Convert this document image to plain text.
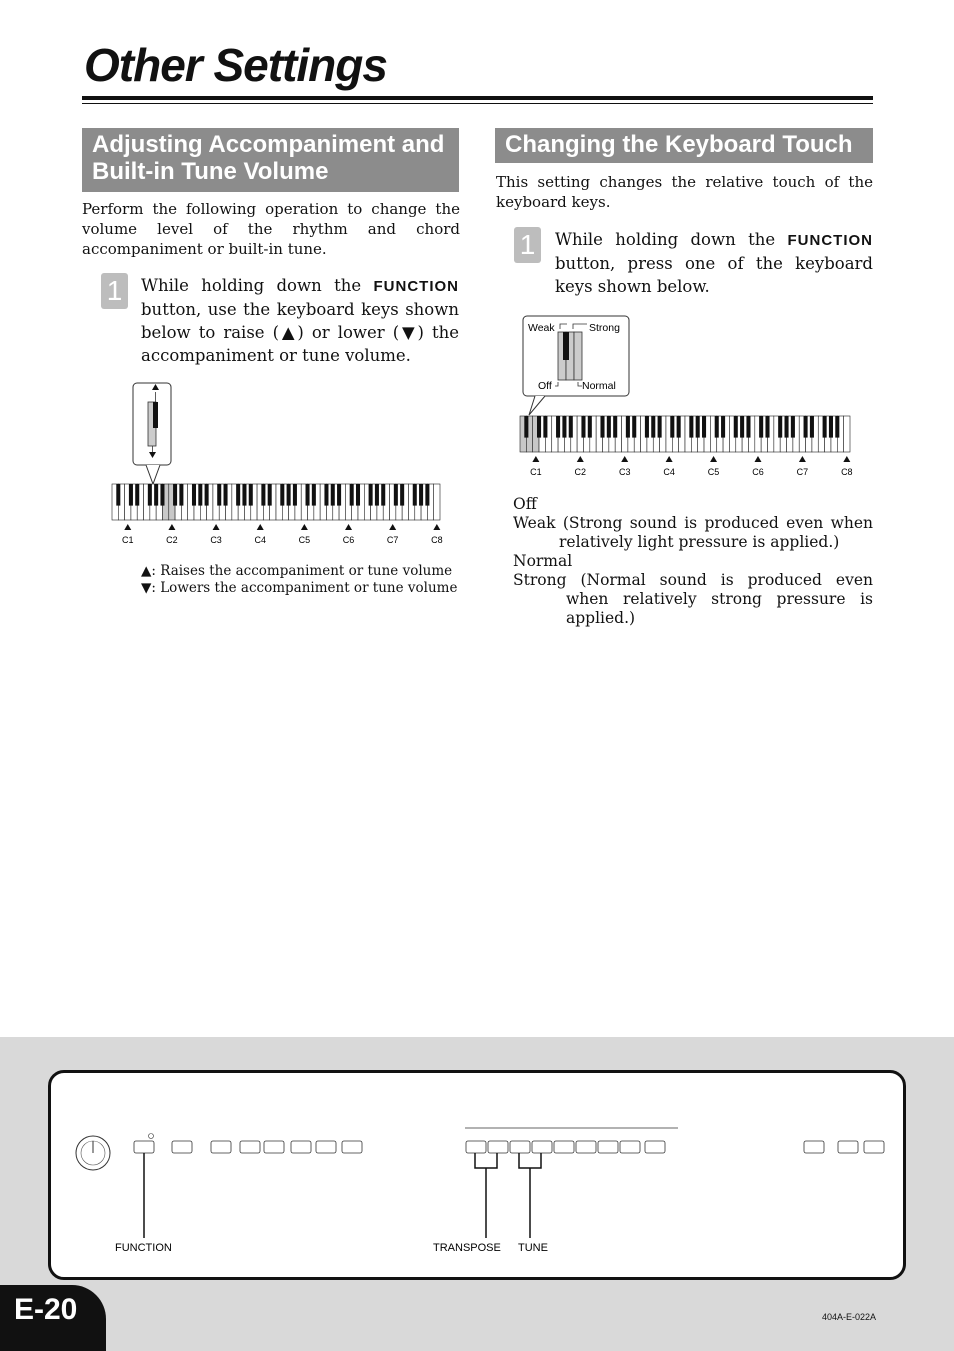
Other Settings
Adjusting Accompaniment and
Built-in Tune Volume
Perform the following operation to change the volume level of the rhythm and chord accompaniment or built-in tune.
1	While holding down the FUNCTION button, use the keyboard keys shown below to raise (▲) or lower (▼) the accompaniment or tune volume.
C1	C2	C3	C4	C5	C6	C7	C8
▲: Raises the accompaniment or tune volume
▼: Lowers the accompaniment or tune volume
Changing the Keyboard Touch
This setting changes the relative touch of the keyboard keys.
1	While holding down the FUNCTION button, press one of the keyboard keys shown below.
Weak	Strong
Off	Normal
C1	C2	C3	C4	C5	C6	C7	C8
Off
Weak (Strong sound is produced even when relatively light pressure is applied.)
Normal
Strong (Normal sound is produced even when relatively strong pressure is applied.)
FUNCTION	TRANSPOSE TUNE
E-20	404A-E-022A
